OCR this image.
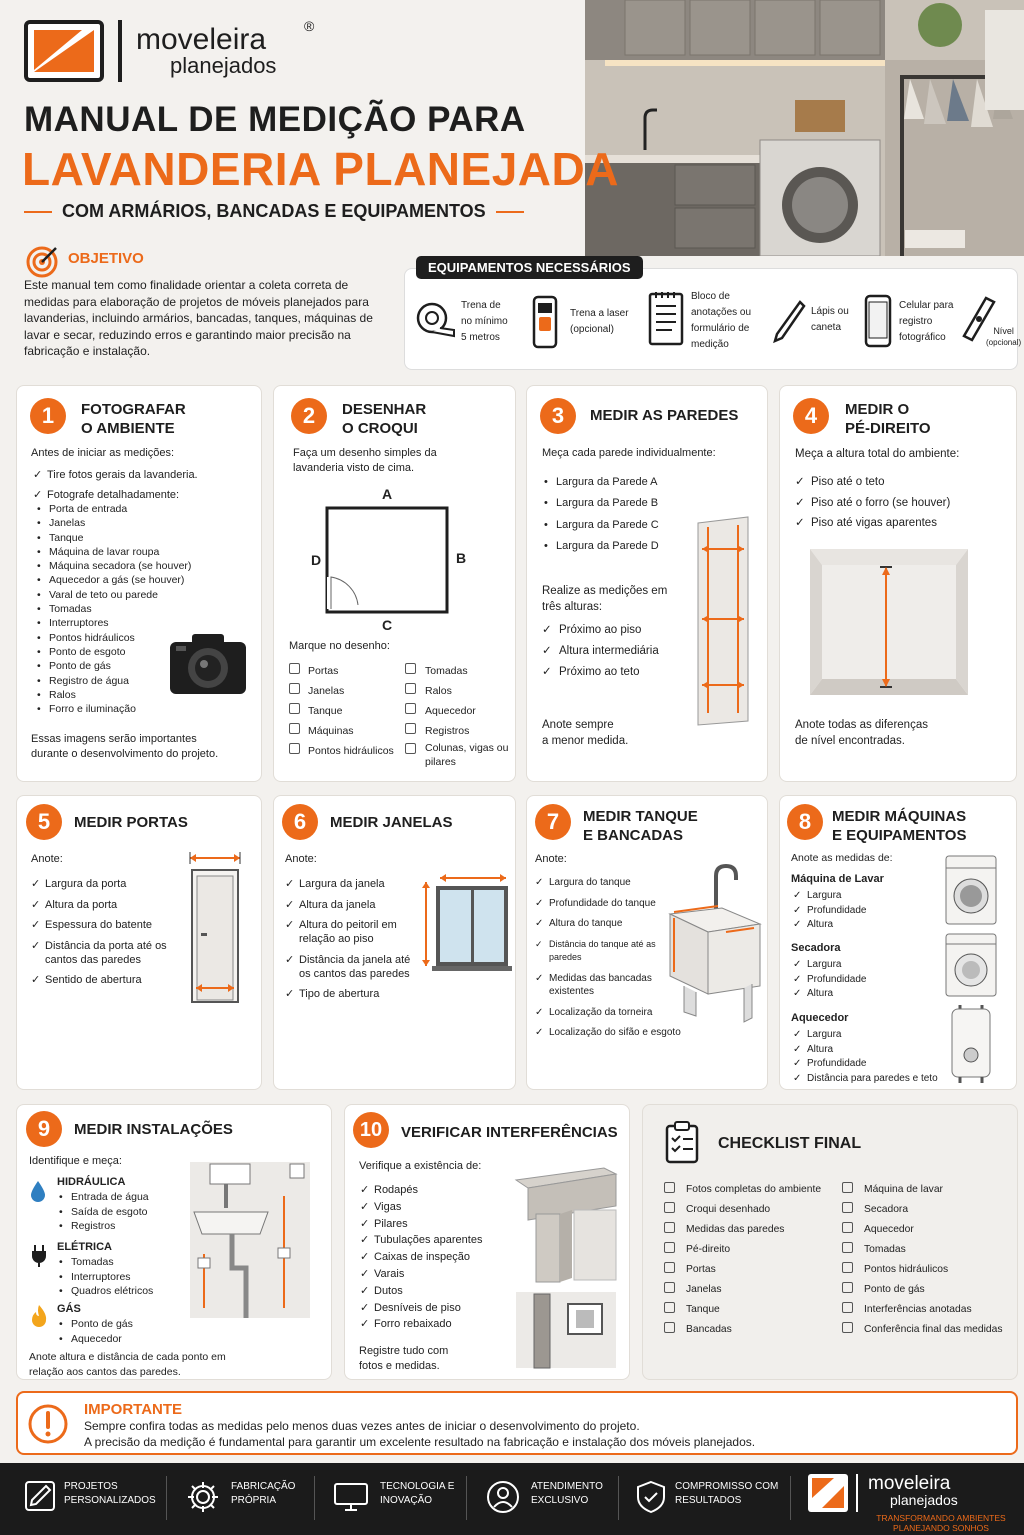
moveleira
planejados
®
MANUAL DE MEDIÇÃO PARA
LAVANDERIA PLANEJADA
COM ARMÁRIOS, BANCADAS E EQUIPAMENTOS
OBJETIVO
Este manual tem como finalidade orientar a coleta correta de medidas para elaboração de projetos de móveis planejados para lavanderias, incluindo armários, bancadas, tanques, máquinas de lavar e secar, reduzindo erros e garantindo maior precisão na fabricação e instalação.
EQUIPAMENTOS NECESSÁRIOS
Trena de
no mínimo
5 metros
Trena a laser
(opcional)
Bloco de
anotações ou
formulário de
medição
Lápis ou
caneta
Celular para
registro
fotográfico
Nível
(opcional)
1	FOTOGRAFAR
O AMBIENTE
Antes de iniciar as medições:
✓ Tire fotos gerais da lavanderia.
✓ Fotografe detalhadamente:
• Porta de entrada
• Janelas
• Tanque
• Máquina de lavar roupa
• Máquina secadora (se houver)
• Aquecedor a gás (se houver)
• Varal de teto ou parede
• Tomadas
• Interruptores
• Pontos hidráulicos
• Ponto de esgoto
• Ponto de gás
• Registro de água
• Ralos
• Forro e iluminação
Essas imagens serão importantes
durante o desenvolvimento do projeto.
2	DESENHAR
O CROQUI
Faça um desenho simples da
lavanderia visto de cima.
A
B
C
D
Marque no desenho:
Portas
Janelas
Tanque
Máquinas
Pontos hidráulicos
Tomadas
Ralos
Aquecedor
Registros
Colunas, vigas ou pilares
3	MEDIR AS PAREDES
Meça cada parede individualmente:
• Largura da Parede A
• Largura da Parede B
• Largura da Parede C
• Largura da Parede D
Realize as medições em
três alturas:
✓ Próximo ao piso
✓ Altura intermediária
✓ Próximo ao teto
Anote sempre
a menor medida.
4	MEDIR O
PÉ-DIREITO
Meça a altura total do ambiente:
✓ Piso até o teto
✓ Piso até o forro (se houver)
✓ Piso até vigas aparentes
Anote todas as diferenças
de nível encontradas.
5	MEDIR PORTAS
Anote:
✓ Largura da porta
✓ Altura da porta
✓ Espessura do batente
✓ Distância da porta até os cantos das paredes
✓ Sentido de abertura
6	MEDIR JANELAS
Anote:
✓ Largura da janela
✓ Altura da janela
✓ Altura do peitoril em relação ao piso
✓ Distância da janela até os cantos das paredes
✓ Tipo de abertura
7	MEDIR TANQUE
E BANCADAS
Anote:
✓ Largura do tanque
✓ Profundidade do tanque
✓ Altura do tanque
✓ Distância do tanque até as paredes
✓ Medidas das bancadas existentes
✓ Localização da torneira
✓ Localização do sifão e esgoto
8	MEDIR MÁQUINAS
E EQUIPAMENTOS
Anote as medidas de:
Máquina de Lavar
✓ Largura
✓ Profundidade
✓ Altura
Secadora
✓ Largura
✓ Profundidade
✓ Altura
Aquecedor
✓ Largura
✓ Altura
✓ Profundidade
✓ Distância para paredes e teto
9	MEDIR INSTALAÇÕES
Identifique e meça:
HIDRÁULICA
• Entrada de água
• Saída de esgoto
• Registros
ELÉTRICA
• Tomadas
• Interruptores
• Quadros elétricos
GÁS
• Ponto de gás
• Aquecedor
Anote altura e distância de cada ponto em
relação aos cantos das paredes.
10	VERIFICAR INTERFERÊNCIAS
Verifique a existência de:
✓ Rodapés
✓ Vigas
✓ Pilares
✓ Tubulações aparentes
✓ Caixas de inspeção
✓ Varais
✓ Dutos
✓ Desníveis de piso
✓ Forro rebaixado
Registre tudo com
fotos e medidas.
CHECKLIST FINAL
Fotos completas do ambiente
Croqui desenhado
Medidas das paredes
Pé-direito
Portas
Janelas
Tanque
Bancadas
Máquina de lavar
Secadora
Aquecedor
Tomadas
Pontos hidráulicos
Ponto de gás
Interferências anotadas
Conferência final das medidas
IMPORTANTE
Sempre confira todas as medidas pelo menos duas vezes antes de iniciar o desenvolvimento do projeto.
A precisão da medição é fundamental para garantir um excelente resultado na fabricação e instalação dos móveis planejados.
PROJETOS
PERSONALIZADOS
FABRICAÇÃO
PRÓPRIA
TECNOLOGIA E
INOVAÇÃO
ATENDIMENTO
EXCLUSIVO
COMPROMISSO COM
RESULTADOS
moveleira
planejados
TRANSFORMANDO AMBIENTES
PLANEJANDO SONHOS
